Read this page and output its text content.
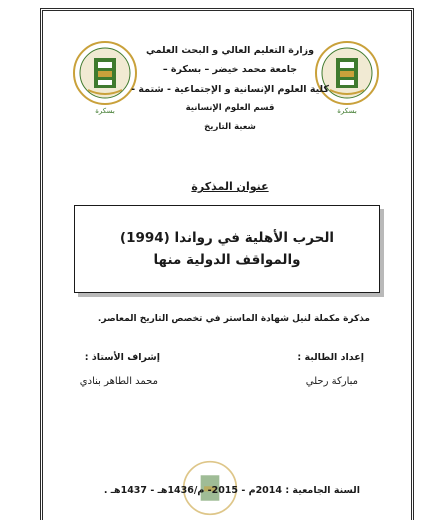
بسكرة	بسكرة
وزارة التعليم العالي و البحث العلمي
جامعة محمد خيضر – بسكرة –
كلية العلوم الإنسانية و الإجتماعية - شتمة -
قسم العلوم الإنسانية
شعبة التاريخ
عنوان المذكرة
الحرب الأهلية في رواندا (1994) والمواقف الدولية منها
مذكرة مكملة لنيل شهادة الماستر في تخصص التاريخ المعاصر.
إعداد الطالبة :
مباركة رحلي
إشراف الأستاذ :
محمد الطاهر بنادي
السنة الجامعية : 2014م - 2015- م/1436هـ - 1437هـ .
